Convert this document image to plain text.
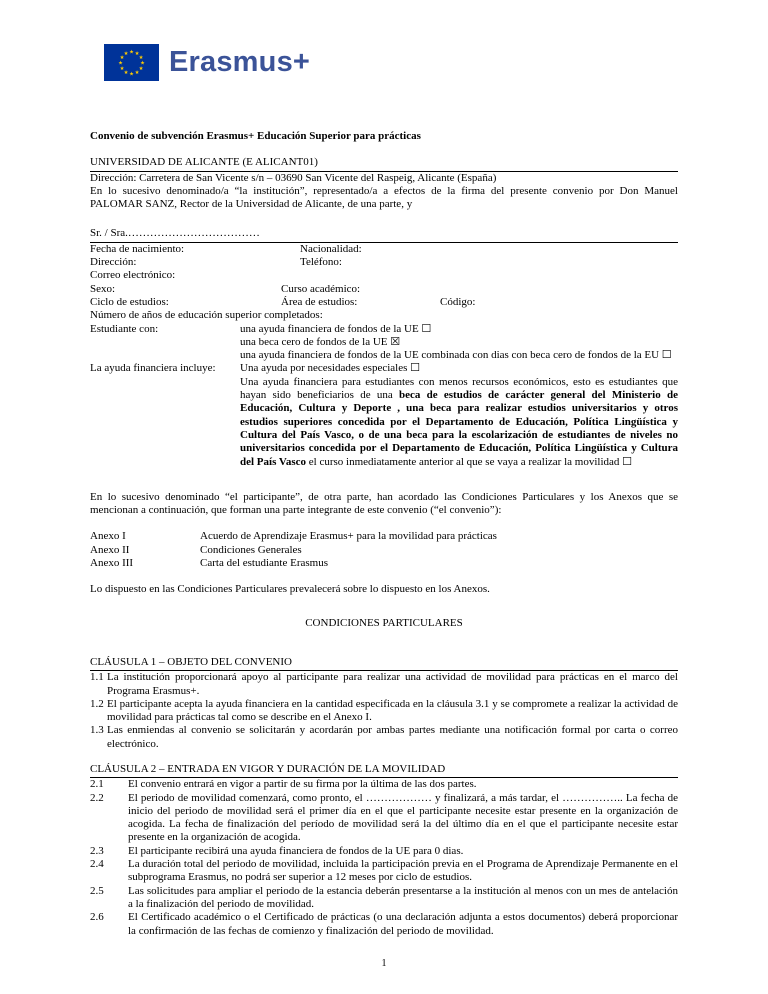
★ ★
★
★
★
★
★
★
★
★
★
★ Erasmus+

Convenio de subvención Erasmus+ Educación Superior para prácticas

UNIVERSIDAD DE ALICANTE (E ALICANT01)

Dirección: Carretera de San Vicente s/n – 03690 San Vicente del Raspeig, Alicante (España)

En lo sucesivo denominado/a “la institución”, representado/a a efectos de la firma del presente convenio por Don Manuel PALOMAR SANZ, Rector de la Universidad de Alicante, de una parte, y

Sr. / Sra.………………………………
Fecha de nacimiento:	Nacionalidad:
Dirección:	Teléfono:
Correo electrónico:
Sexo:	Curso académico:
Ciclo de estudios:	Área de estudios:	Código:
Número de años de educación superior completados:
Estudiante con:	una ayuda financiera de fondos de la UE ☐
una beca cero de fondos de la UE ☒
una ayuda financiera de fondos de la UE combinada con dias con beca cero de fondos de la EU ☐
La ayuda financiera incluye:	Una ayuda por necesidades especiales ☐
Una ayuda financiera para estudiantes con menos recursos económicos, esto es estudiantes que hayan sido beneficiarios de una beca de estudios de carácter general del Ministerio de Educación, Cultura y Deporte , una beca para realizar estudios universitarios y otros estudios superiores concedida por el Departamento de Educación, Política Lingüística y Cultura del País Vasco, o de una beca para la escolarización de estudiantes de niveles no universitarios concedida por el Departamento de Educación, Política Lingüística y Cultura del País Vasco el curso inmediatamente anterior al que se vaya a realizar la movilidad ☐

En lo sucesivo denominado “el participante”, de otra parte, han acordado las Condiciones Particulares y los Anexos que se mencionan a continuación, que forman una parte integrante de este convenio (“el convenio”):

Anexo I	Acuerdo de Aprendizaje Erasmus+ para la movilidad para prácticas
Anexo II	Condiciones Generales
Anexo III	Carta del estudiante Erasmus

Lo dispuesto en las Condiciones Particulares prevalecerá sobre lo dispuesto en los Anexos.

CONDICIONES PARTICULARES

CLÁUSULA 1 – OBJETO DEL CONVENIO
1.1 La institución proporcionará apoyo al participante para realizar una actividad de movilidad para prácticas en el marco del Programa Erasmus+.
1.2 El participante acepta la ayuda financiera en la cantidad especificada en la cláusula 3.1 y se compromete a realizar la actividad de movilidad para prácticas tal como se describe en el Anexo I.
1.3 Las enmiendas al convenio se solicitarán y acordarán por ambas partes mediante una notificación formal por carta o correo electrónico.
CLÁUSULA 2 – ENTRADA EN VIGOR Y DURACIÓN DE LA MOVILIDAD
2.1	El convenio entrará en vigor a partir de su firma por la última de las dos partes.
2.2	El periodo de movilidad comenzará, como pronto, el ……………… y finalizará, a más tardar, el …………….. La fecha de inicio del periodo de movilidad será el primer día en el que el participante necesite estar presente en la organización de acogida. La fecha de finalización del período de movilidad será la del último día en el que el participante necesite estar presente en la organización de acogida.
2.3	El participante recibirá una ayuda financiera de fondos de la UE para 0 dias.
2.4	La duración total del periodo de movilidad, incluida la participación previa en el Programa de Aprendizaje Permanente en el subprograma Erasmus, no podrá ser superior a 12 meses por ciclo de estudios.
2.5	Las solicitudes para ampliar el periodo de la estancia deberán presentarse a la institución al menos con un mes de antelación a la finalización del periodo de movilidad.
2.6	El Certificado académico o el Certificado de prácticas (o una declaración adjunta a estos documentos) deberá proporcionar la confirmación de las fechas de comienzo y finalización del periodo de movilidad.
1
